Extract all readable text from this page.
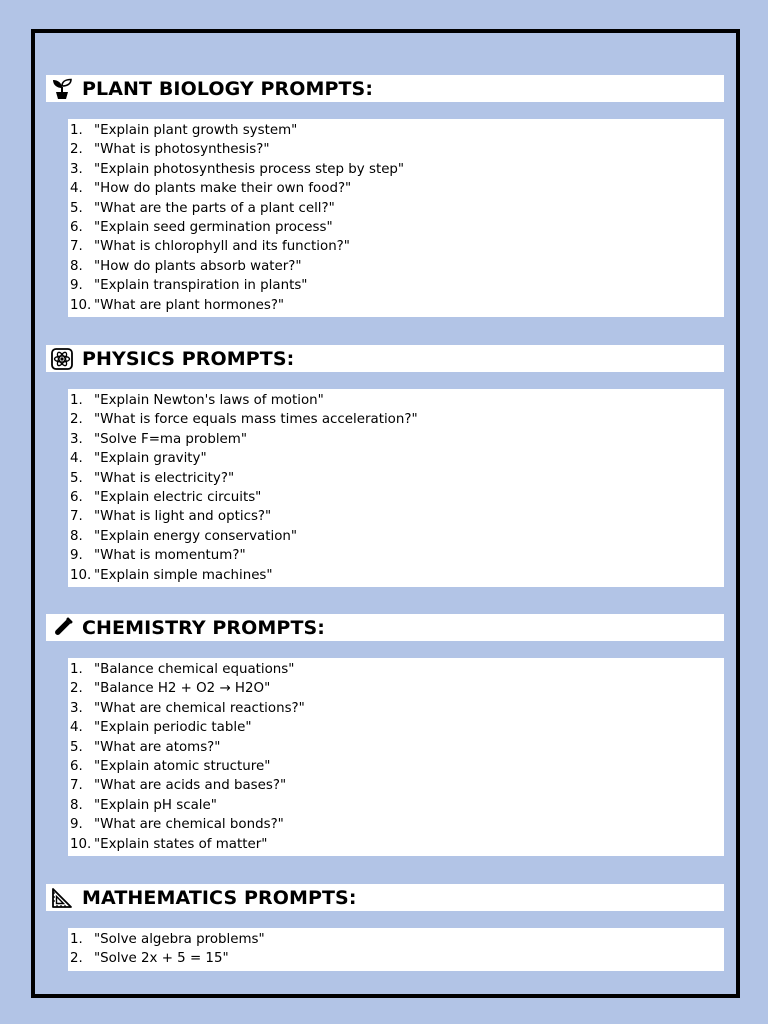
PLANT BIOLOGY PROMPTS:
1. "Explain plant growth system"
2. "What is photosynthesis?"
3. "Explain photosynthesis process step by step"
4. "How do plants make their own food?"
5. "What are the parts of a plant cell?"
6. "Explain seed germination process"
7. "What is chlorophyll and its function?"
8. "How do plants absorb water?"
9. "Explain transpiration in plants"
10. "What are plant hormones?"
PHYSICS PROMPTS:
1. "Explain Newton's laws of motion"
2. "What is force equals mass times acceleration?"
3. "Solve F=ma problem"
4. "Explain gravity"
5. "What is electricity?"
6. "Explain electric circuits"
7. "What is light and optics?"
8. "Explain energy conservation"
9. "What is momentum?"
10. "Explain simple machines"
CHEMISTRY PROMPTS:
1. "Balance chemical equations"
2. "Balance H2 + O2 → H2O"
3. "What are chemical reactions?"
4. "Explain periodic table"
5. "What are atoms?"
6. "Explain atomic structure"
7. "What are acids and bases?"
8. "Explain pH scale"
9. "What are chemical bonds?"
10. "Explain states of matter"
MATHEMATICS PROMPTS:
1. "Solve algebra problems"
2. "Solve 2x + 5 = 15"
